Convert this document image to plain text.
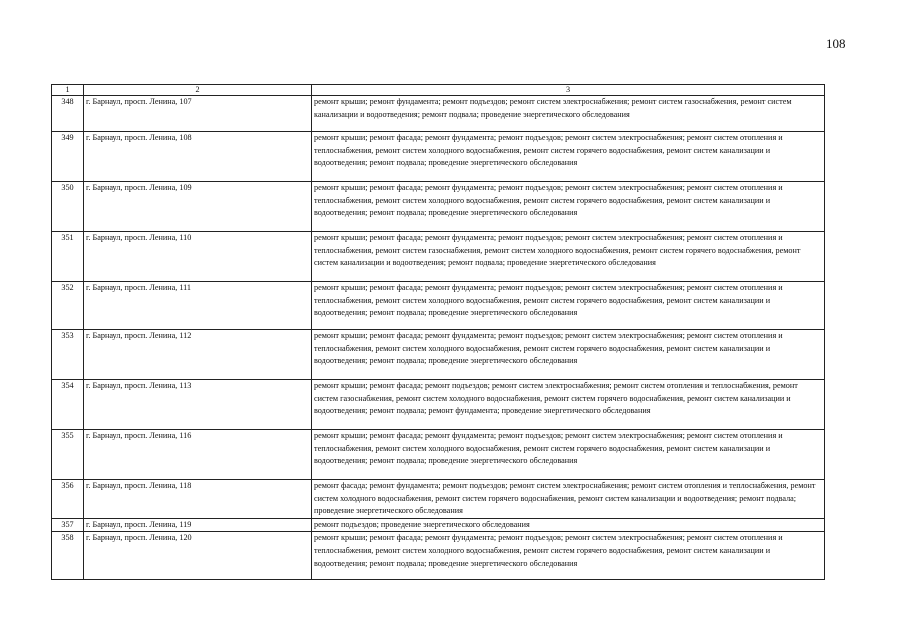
108
1	2	3
348	г. Барнаул, просп. Ленина, 107	ремонт крыши; ремонт фундамента; ремонт подъездов; ремонт систем электроснабжения; ремонт систем газоснабжения, ремонт систем канализации и водоотведения; ремонт подвала; проведение энергетического обследования
349	г. Барнаул, просп. Ленина, 108	ремонт крыши; ремонт фасада; ремонт фундамента; ремонт подъездов; ремонт систем электроснабжения; ремонт систем отопления и теплоснабжения, ремонт систем холодного водоснабжения, ремонт систем горячего водоснабжения, ремонт систем канализации и водоотведения; ремонт подвала; проведение энергетического обследования
350	г. Барнаул, просп. Ленина, 109	ремонт крыши; ремонт фасада; ремонт фундамента; ремонт подъездов; ремонт систем электроснабжения; ремонт систем отопления и теплоснабжения, ремонт систем холодного водоснабжения, ремонт систем горячего водоснабжения, ремонт систем канализации и водоотведения; ремонт подвала; проведение энергетического обследования
351	г. Барнаул, просп. Ленина, 110	ремонт крыши; ремонт фасада; ремонт фундамента; ремонт подъездов; ремонт систем электроснабжения; ремонт систем отопления и теплоснабжения, ремонт систем газоснабжения, ремонт систем холодного водоснабжения, ремонт систем горячего водоснабжения, ремонт систем канализации и водоотведения; ремонт подвала; проведение энергетического обследования
352	г. Барнаул, просп. Ленина, 111	ремонт крыши; ремонт фасада; ремонт фундамента; ремонт подъездов; ремонт систем электроснабжения; ремонт систем отопления и теплоснабжения, ремонт систем холодного водоснабжения, ремонт систем горячего водоснабжения, ремонт систем канализации и водоотведения; ремонт подвала; проведение энергетического обследования
353	г. Барнаул, просп. Ленина, 112	ремонт крыши; ремонт фасада; ремонт фундамента; ремонт подъездов; ремонт систем электроснабжения; ремонт систем отопления и теплоснабжения, ремонт систем холодного водоснабжения, ремонт систем горячего водоснабжения, ремонт систем канализации и водоотведения; ремонт подвала; проведение энергетического обследования
354	г. Барнаул, просп. Ленина, 113	ремонт крыши; ремонт фасада; ремонт подъездов; ремонт систем электроснабжения; ремонт систем отопления и теплоснабжения, ремонт систем газоснабжения, ремонт систем холодного водоснабжения, ремонт систем горячего водоснабжения, ремонт систем канализации и водоотведения; ремонт подвала; ремонт фундамента; проведение энергетического обследования
355	г. Барнаул, просп. Ленина, 116	ремонт крыши; ремонт фасада; ремонт фундамента; ремонт подъездов; ремонт систем электроснабжения; ремонт систем отопления и теплоснабжения, ремонт систем холодного водоснабжения, ремонт систем горячего водоснабжения, ремонт систем канализации и водоотведения; ремонт подвала; проведение энергетического обследования
356	г. Барнаул, просп. Ленина, 118	ремонт фасада; ремонт фундамента; ремонт подъездов; ремонт систем электроснабжения; ремонт систем отопления и теплоснабжения, ремонт систем холодного водоснабжения, ремонт систем горячего водоснабжения, ремонт систем канализации и водоотведения; ремонт подвала; проведение энергетического обследования
357	г. Барнаул, просп. Ленина, 119	ремонт подъездов; проведение энергетического обследования
358	г. Барнаул, просп. Ленина, 120	ремонт крыши; ремонт фасада; ремонт фундамента; ремонт подъездов; ремонт систем электроснабжения; ремонт систем отопления и теплоснабжения, ремонт систем холодного водоснабжения, ремонт систем горячего водоснабжения, ремонт систем канализации и водоотведения; ремонт подвала; проведение энергетического обследования
